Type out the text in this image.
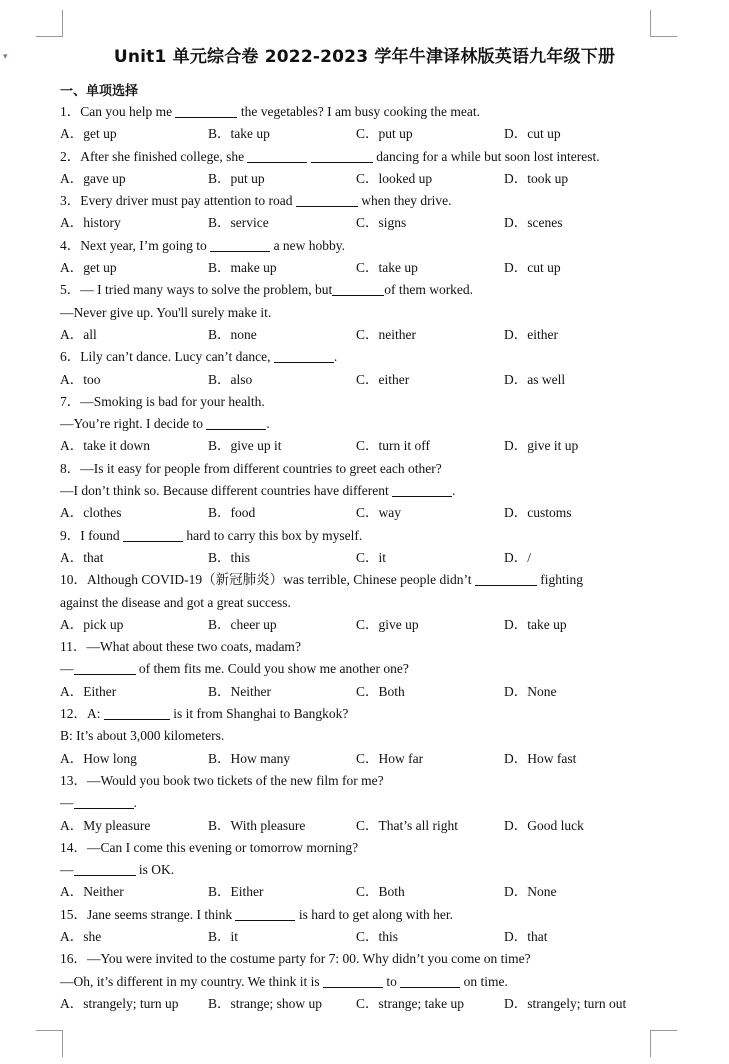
▾	Unit1 单元综合卷 2022-2023 学年牛津译林版英语九年级下册
一、单项选择
1．Can you help me	the vegetables? I am busy cooking the meat.
A．get up	B．take up	C．put up	D．cut up
2．After she finished college, she	dancing for a while but soon lost interest.
A．gave up	B．put up	C．looked up	D．took up
3．Every driver must pay attention to road	when they drive.
A．history	B．service	C．signs	D．scenes
4．Next year, I’m going to	a new hobby.
A．get up	B．make up	C．take up	D．cut up
5．— I tried many ways to solve the problem, but	of them worked.
—Never give up. You'll surely make it.
A．all	B．none	C．neither	D．either
6．Lily can’t dance. Lucy can’t dance,	.
A．too	B．also	C．either	D．as well
7．—Smoking is bad for your health.
—You’re right. I decide to	.
A．take it down	B．give up it	C．turn it off	D．give it up
8．—Is it easy for people from different countries to greet each other?
—I don’t think so. Because different countries have different	.
A．clothes	B．food	C．way	D．customs
9．I found	hard to carry this box by myself.
A．that	B．this	C．it	D．/
10．Although COVID-19（新冠肺炎）was terrible, Chinese people didn’t	fighting
against the disease and got a great success.
A．pick up	B．cheer up	C．give up	D．take up
11．—What about these two coats, madam?
—	of them fits me. Could you show me another one?
A．Either	B．Neither	C．Both	D．None
12．A:	is it from Shanghai to Bangkok?
B: It’s about 3,000 kilometers.
A．How long	B．How many	C．How far	D．How fast
13．—Would you book two tickets of the new film for me?
—	.
A．My pleasure	B．With pleasure	C．That’s all right	D．Good luck
14．—Can I come this evening or tomorrow morning?
—	is OK.
A．Neither	B．Either	C．Both	D．None
15．Jane seems strange. I think	is hard to get along with her.
A．she	B．it	C．this	D．that
16．—You were invited to the costume party for 7: 00. Why didn’t you come on time?
—Oh, it’s different in my country. We think it is	to	on time.
A．strangely; turn up	B．strange; show up	C．strange; take up	D．strangely; turn out
